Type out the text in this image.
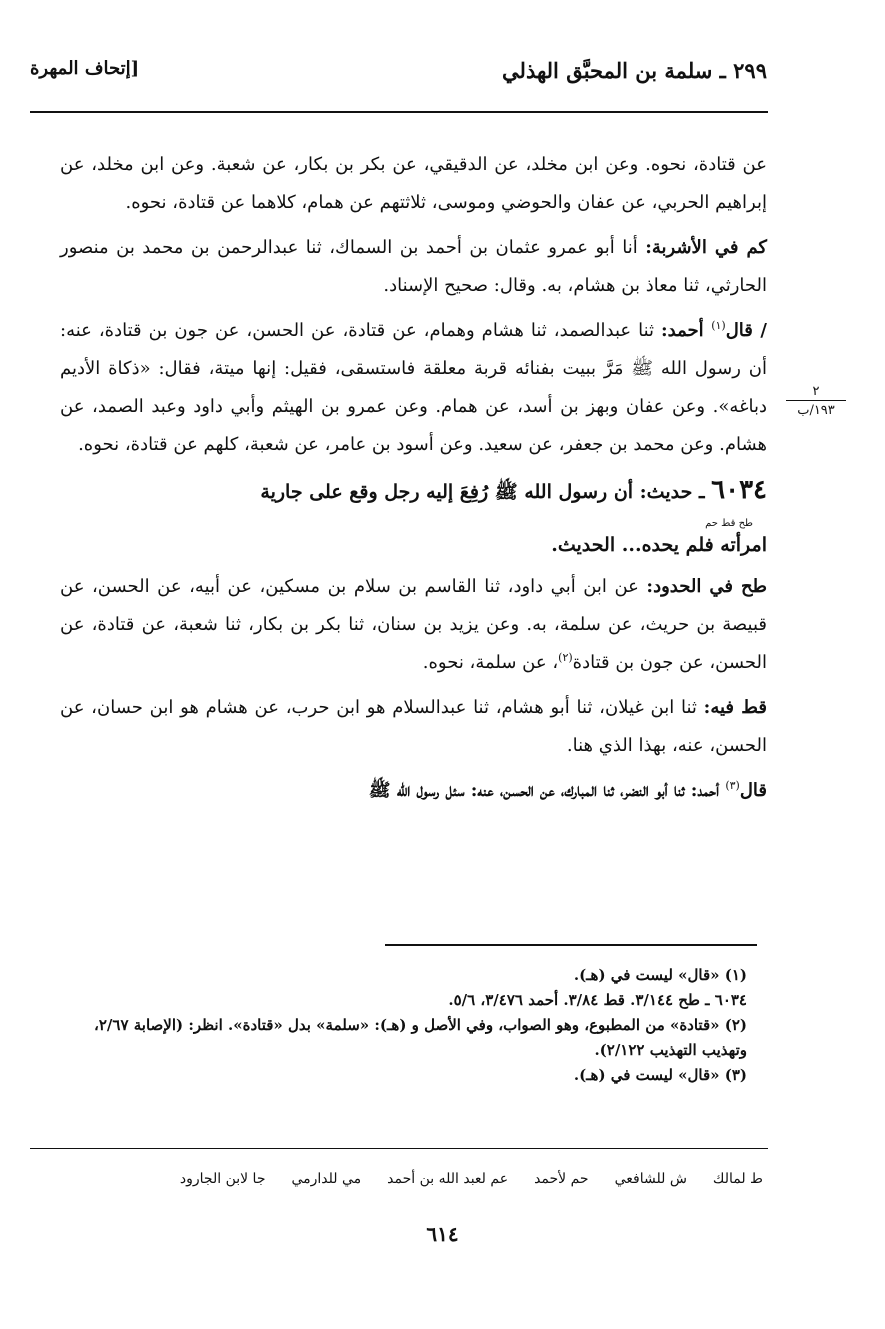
٢٩٩ ـ سلمة بن المحبَّق الهذلي
[إتحاف المهرة
٢
١٩٣/ب

عن قتادة، نحوه. وعن ابن مخلد، عن الدقيقي، عن بكر بن بكار، عن شعبة. وعن ابن مخلد، عن إبراهيم الحربي، عن عفان والحوضي وموسى، ثلاثتهم عن همام، كلاهما عن قتادة، نحوه.

كم في الأشربة: أنا أبو عمرو عثمان بن أحمد بن السماك، ثنا عبدالرحمن بن محمد بن منصور الحارثي، ثنا معاذ بن هشام، به. وقال: صحيح الإسناد.

/ قال$^{(١)}$ أحمد: ثنا عبدالصمد، ثنا هشام وهمام، عن قتادة، عن الحسن، عن جون بن قتادة، عنه: أن رسول الله ﷺ مَرَّ ببيت بفنائه قربة معلقة فاستسقى، فقيل: إنها ميتة، فقال: «ذكاة الأديم دباغه». وعن عفان وبهز بن أسد، عن همام. وعن عمرو بن الهيثم وأبي داود وعبد الصمد، عن هشام. وعن محمد بن جعفر، عن سعيد. وعن أسود بن عامر، عن شعبة، كلهم عن قتادة، نحوه.

٦٠٣٤ ـ حديث: أن رسول الله ﷺ رُفِعَ إليه رجل وقع على جارية
طح قط حم
امرأته فلم يحده... الحديث.

طح في الحدود: عن ابن أبي داود، ثنا القاسم بن سلام بن مسكين، عن أبيه، عن الحسن، عن قبيصة بن حريث، عن سلمة، به. وعن يزيد بن سنان، ثنا بكر بن بكار، ثنا شعبة، عن قتادة، عن الحسن، عن جون بن قتادة$^{(٢)}$، عن سلمة، نحوه.

قط فيه: ثنا ابن غيلان، ثنا أبو هشام، ثنا عبدالسلام هو ابن حرب، عن هشام هو ابن حسان، عن الحسن، عنه، بهذا الذي هنا.

قال$^{(٣)}$ أحمد: ثنا أبو النضر، ثنا المبارك، عن الحسن، عنه: سئل رسول الله ﷺ

(١) «قال» ليست في (هـ).
٦٠٣٤ ـ طح ٣/١٤٤. قط ٣/٨٤. أحمد ٣/٤٧٦، ٥/٦.
(٢) «قتادة» من المطبوع، وهو الصواب، وفي الأصل و (هـ): «سلمة» بدل «قتادة». انظر: (الإصابة ٢/٦٧، وتهذيب التهذيب ٢/١٢٢).
(٣) «قال» ليست في (هـ).
ط لمالك
ش للشافعي
حم لأحمد
عم لعبد الله بن أحمد
مي للدارمي
جا لابن الجارود
٦١٤
